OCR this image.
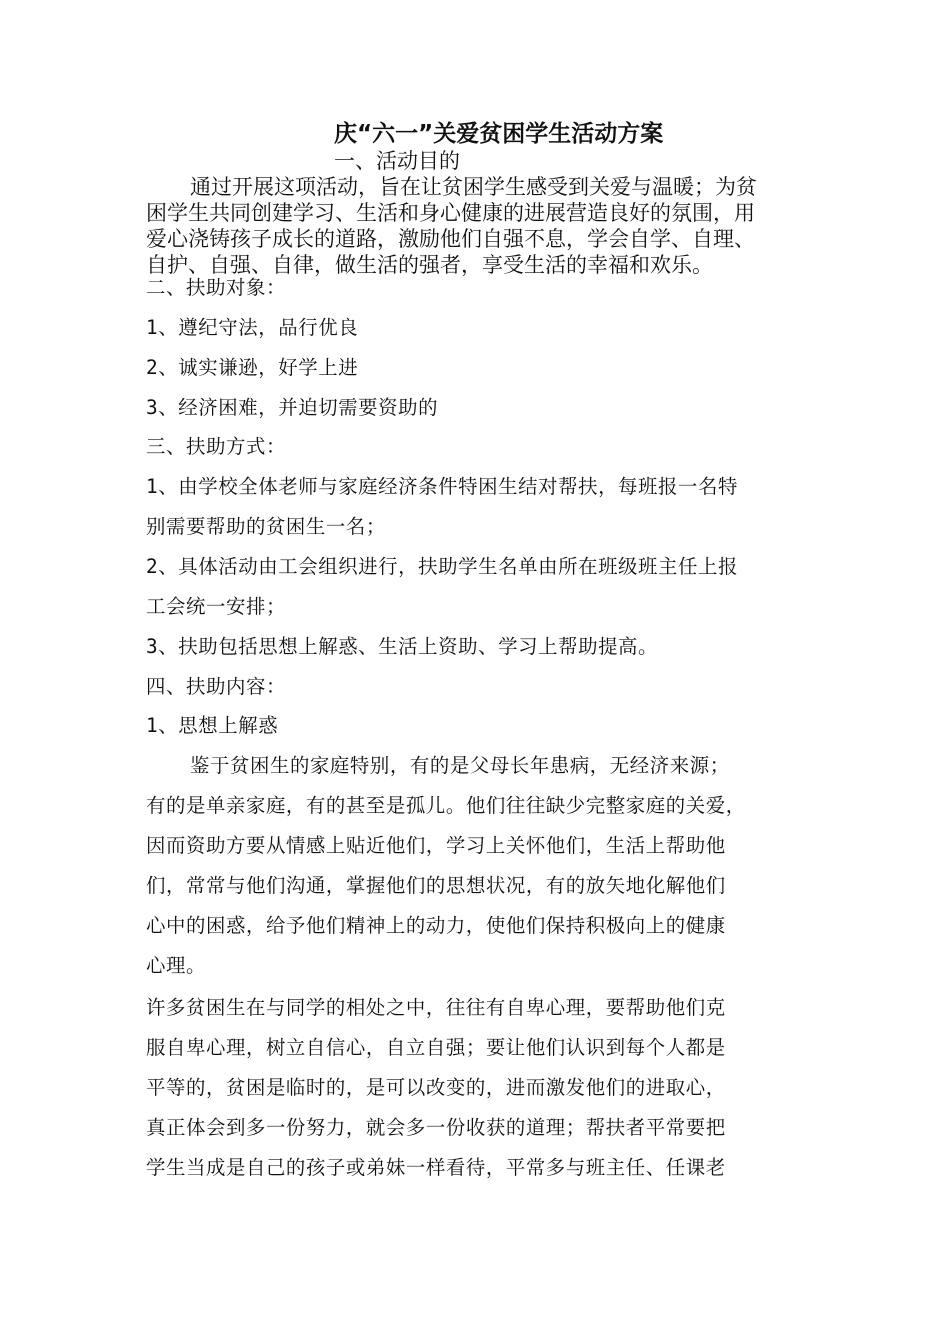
庆“六一”关爱贫困学生活动方案
一、活动目的
通过开展这项活动，旨在让贫困学生感受到关爱与温暖；为贫
困学生共同创建学习、生活和身心健康的进展营造良好的氛围，用
爱心浇铸孩子成长的道路，激励他们自强不息，学会自学、自理、
自护、自强、自律，做生活的强者，享受生活的幸福和欢乐。
二、扶助对象：
1、遵纪守法，品行优良
2、诚实谦逊，好学上进
3、经济困难，并迫切需要资助的
三、扶助方式：
1、由学校全体老师与家庭经济条件特困生结对帮扶，每班报一名特
别需要帮助的贫困生一名；
2、具体活动由工会组织进行，扶助学生名单由所在班级班主任上报
工会统一安排；
3、扶助包括思想上解惑、生活上资助、学习上帮助提高。
四、扶助内容：
1、思想上解惑
鉴于贫困生的家庭特别，有的是父母长年患病，无经济来源；
有的是单亲家庭，有的甚至是孤儿。他们往往缺少完整家庭的关爱，
因而资助方要从情感上贴近他们，学习上关怀他们，生活上帮助他
们，常常与他们沟通，掌握他们的思想状况，有的放矢地化解他们
心中的困惑，给予他们精神上的动力，使他们保持积极向上的健康
心理。
许多贫困生在与同学的相处之中，往往有自卑心理，要帮助他们克
服自卑心理，树立自信心，自立自强；要让他们认识到每个人都是
平等的，贫困是临时的，是可以改变的，进而激发他们的进取心，
真正体会到多一份努力，就会多一份收获的道理；帮扶者平常要把
学生当成是自己的孩子或弟妹一样看待，平常多与班主任、任课老
